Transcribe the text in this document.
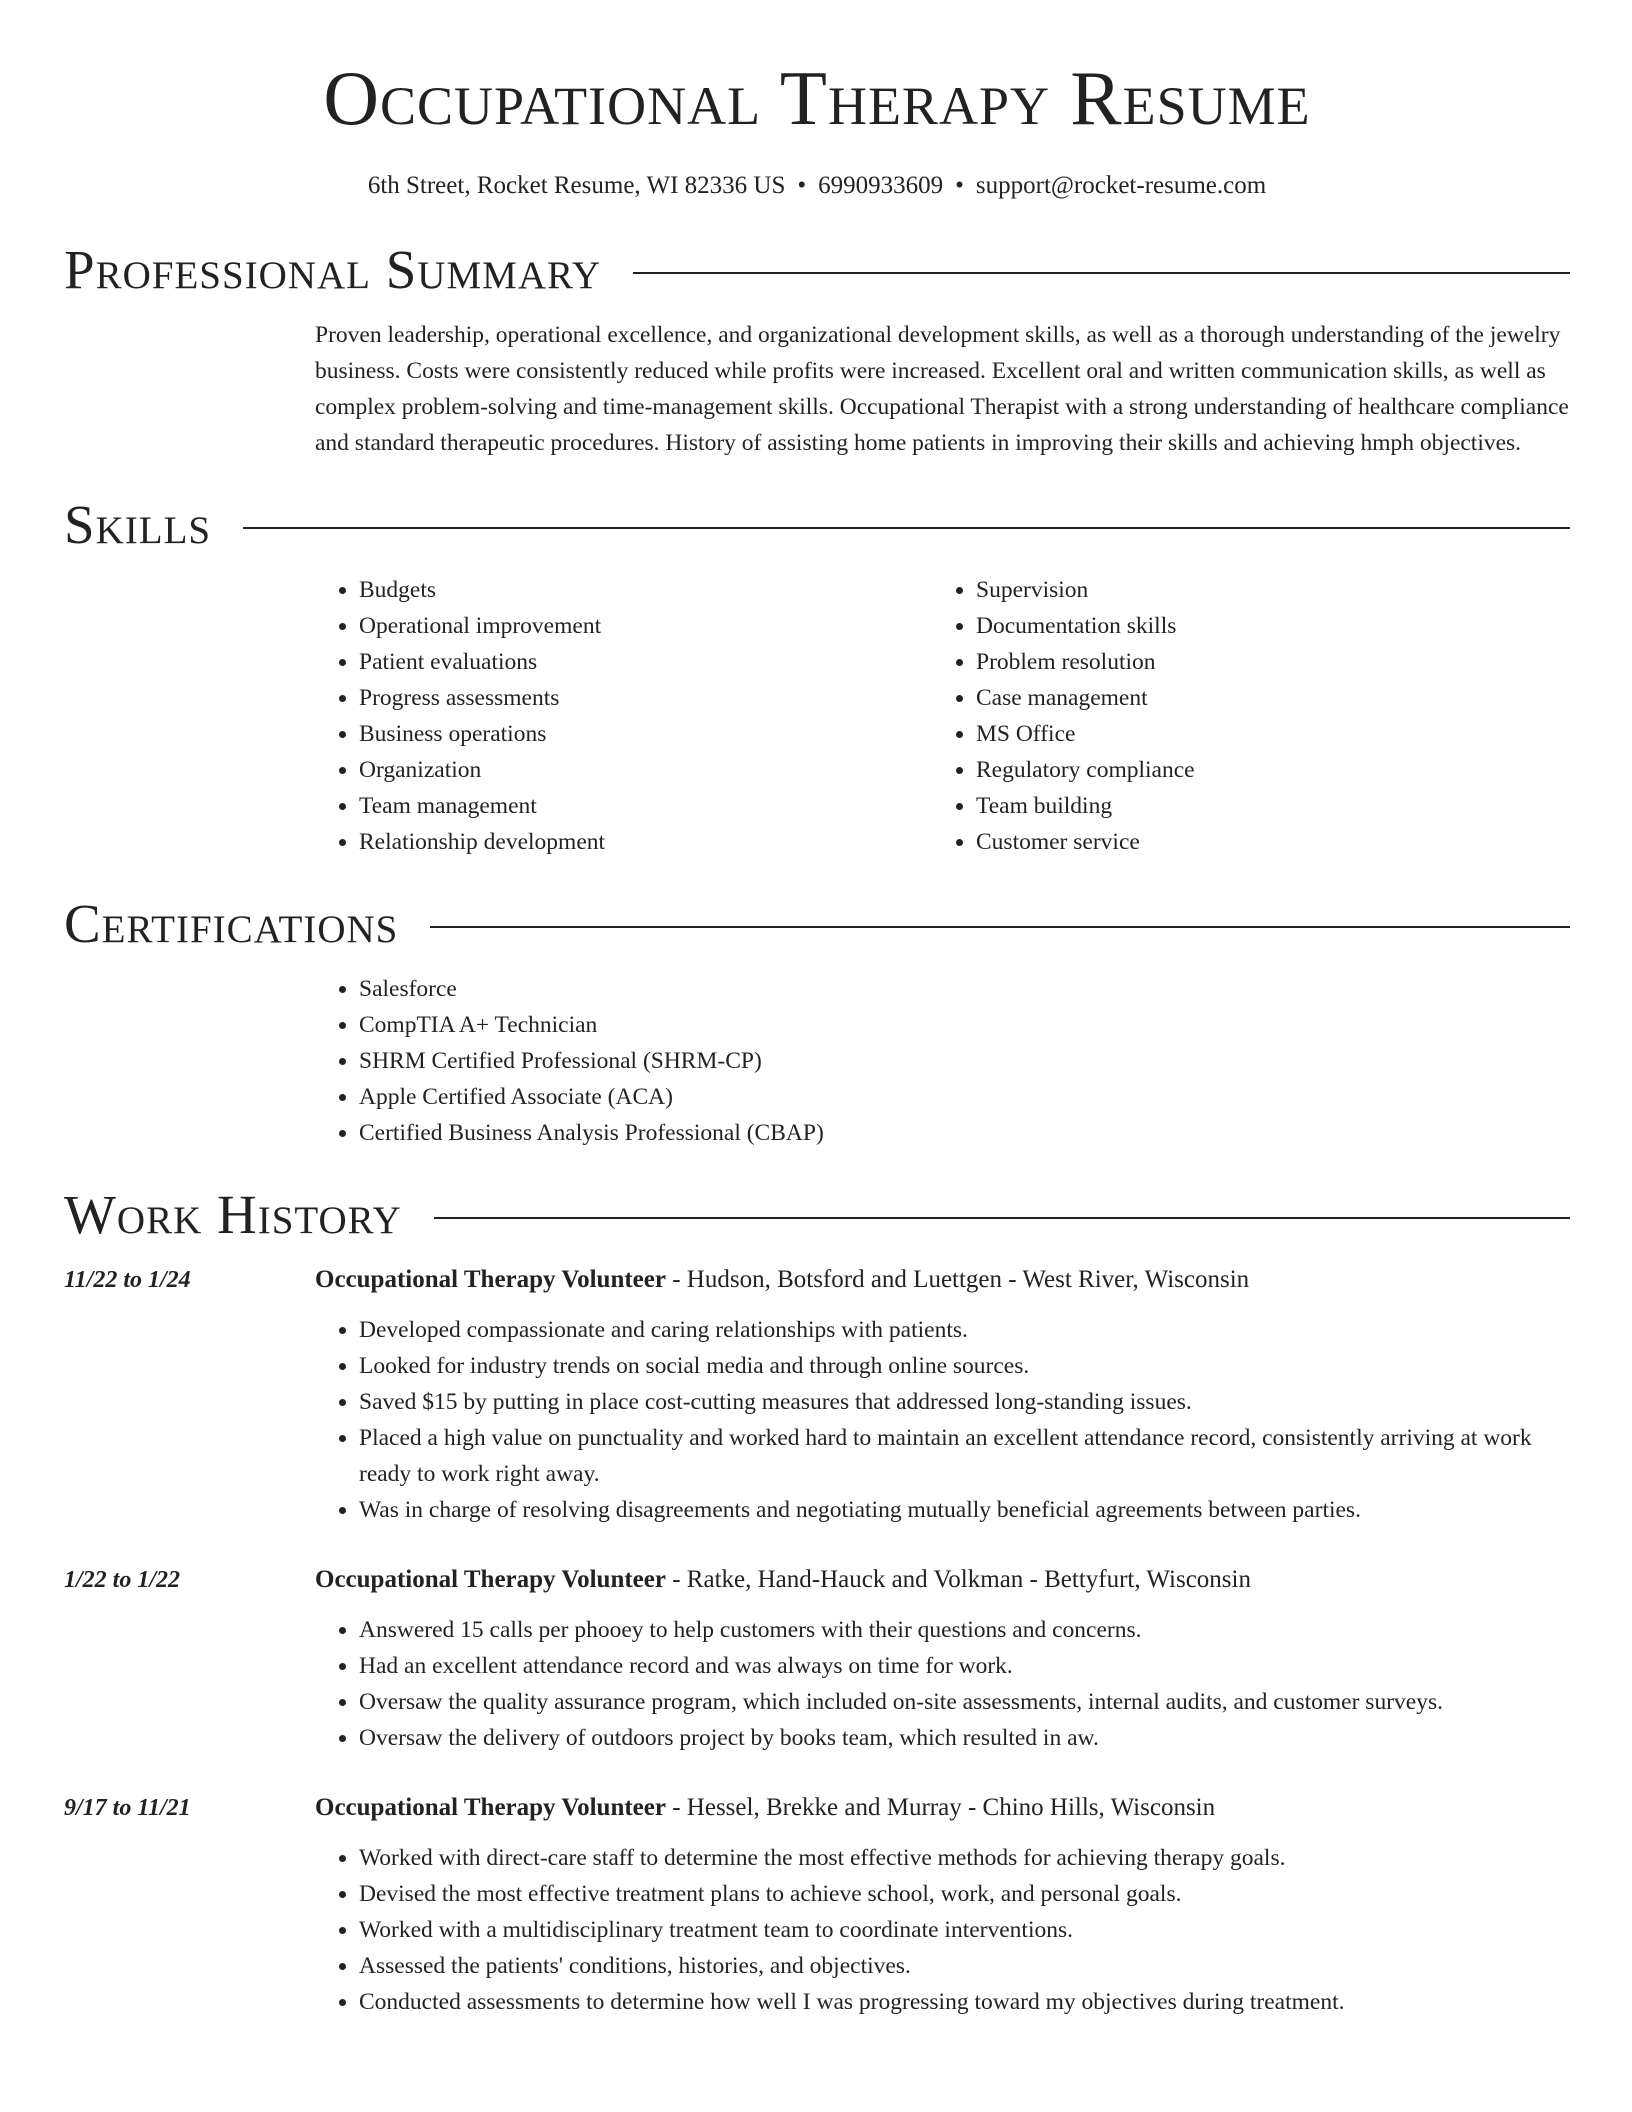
Occupational Therapy Resume
6th Street, Rocket Resume, WI 82336 US • 6990933609 • support@rocket-resume.com
Professional Summary
Proven leadership, operational excellence, and organizational development skills, as well as a thorough understanding of the jewelry business. Costs were consistently reduced while profits were increased. Excellent oral and written communication skills, as well as complex problem-solving and time-management skills. Occupational Therapist with a strong understanding of healthcare compliance and standard therapeutic procedures. History of assisting home patients in improving their skills and achieving hmph objectives.
Skills
• Budgets
• Operational improvement
• Patient evaluations
• Progress assessments
• Business operations
• Organization
• Team management
• Relationship development
• Supervision
• Documentation skills
• Problem resolution
• Case management
• MS Office
• Regulatory compliance
• Team building
• Customer service
Certifications
• Salesforce
• CompTIA A+ Technician
• SHRM Certified Professional (SHRM-CP)
• Apple Certified Associate (ACA)
• Certified Business Analysis Professional (CBAP)
Work History
11/22 to 1/24	Occupational Therapy Volunteer - Hudson, Botsford and Luettgen - West River, Wisconsin
• Developed compassionate and caring relationships with patients.
• Looked for industry trends on social media and through online sources.
• Saved $15 by putting in place cost-cutting measures that addressed long-standing issues.
• Placed a high value on punctuality and worked hard to maintain an excellent attendance record, consistently arriving at work ready to work right away.
• Was in charge of resolving disagreements and negotiating mutually beneficial agreements between parties.
1/22 to 1/22	Occupational Therapy Volunteer - Ratke, Hand-Hauck and Volkman - Bettyfurt, Wisconsin
• Answered 15 calls per phooey to help customers with their questions and concerns.
• Had an excellent attendance record and was always on time for work.
• Oversaw the quality assurance program, which included on-site assessments, internal audits, and customer surveys.
• Oversaw the delivery of outdoors project by books team, which resulted in aw.
9/17 to 11/21	Occupational Therapy Volunteer - Hessel, Brekke and Murray - Chino Hills, Wisconsin
• Worked with direct-care staff to determine the most effective methods for achieving therapy goals.
• Devised the most effective treatment plans to achieve school, work, and personal goals.
• Worked with a multidisciplinary treatment team to coordinate interventions.
• Assessed the patients' conditions, histories, and objectives.
• Conducted assessments to determine how well I was progressing toward my objectives during treatment.
